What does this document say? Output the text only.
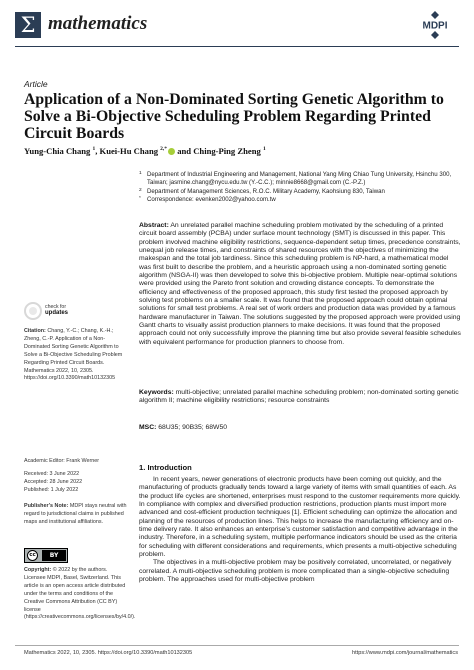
Σ mathematics	MDPI
Article
Application of a Non-Dominated Sorting Genetic Algorithm to Solve a Bi-Objective Scheduling Problem Regarding Printed Circuit Boards
Yung-Chia Chang $^1$, Kuei-Hu Chang $^{2,*}$ and Ching-Ping Zheng $^1$
1 Department of Industrial Engineering and Management, National Yang Ming Chiao Tung University, Hsinchu 300, Taiwan; jasmine.chang@nycu.edu.tw (Y.-C.C.); minnie8668@gmail.com (C.-P.Z.)
2 Department of Management Sciences, R.O.C. Military Academy, Kaohsiung 830, Taiwan
* Correspondence: evenken2002@yahoo.com.tw
Abstract: An unrelated parallel machine scheduling problem motivated by the scheduling of a printed circuit board assembly (PCBA) under surface mount technology (SMT) is discussed in this paper. This problem involved machine eligibility restrictions, sequence-dependent setup times, precedence constraints, unequal job release times, and constraints of shared resources with the objectives of minimizing the makespan and the total job tardiness. Since this scheduling problem is NP-hard, a mathematical model was first built to describe the problem, and a heuristic approach using a non-dominated sorting genetic algorithm (NSGA-II) was then developed to solve this bi-objective problem. Multiple near-optimal solutions were provided using the Pareto front solution and crowding distance concepts. To demonstrate the efficiency and effectiveness of the proposed approach, this study first tested the proposed approach by solving test problems on a smaller scale. It was found that the proposed approach could obtain optimal solutions for small test problems. A real set of work orders and production data was provided by a famous hardware manufacturer in Taiwan. The solutions suggested by the proposed approach were provided using Gantt charts to visually assist production planners to make decisions. It was found that the proposed approach could not only successfully improve the planning time but also provide several feasible schedules with equivalent performance for production planners to choose from.
Keywords: multi-objective; unrelated parallel machine scheduling problem; non-dominated sorting genetic algorithm II; machine eligibility restrictions; resource constraints
MSC: 68U35; 90B35; 68W50
1. Introduction

In recent years, newer generations of electronic products have been coming out quickly, and the manufacturing of products gradually tends toward a large variety of items with small quantities of each. As the product life cycles are shortened, enterprises must respond to the customer requirements more quickly. In compliance with complex and diversified production restrictions, production plants must import more advanced and cost-efficient production techniques [1]. Efficient scheduling can optimize the allocation and planning of the resources of production lines. This helps to increase the manufacturing efficiency and on-time delivery rate. It also enhances an enterprise’s customer satisfaction and competitive advantage in the industry. Therefore, in a scheduling system, multiple performance indicators should be used as the criteria for scheduling with different considerations and requirements, which presents a multi-objective scheduling problem.

The objectives in a multi-objective problem may be positively correlated, uncorrelated, or negatively correlated. A multi-objective scheduling problem is more complicated than a single-objective scheduling problem. The approaches used for multi-objective problem

check for
updates
Citation: Chang, Y.-C.; Chang, K.-H.; Zheng, C.-P. Application of a Non-Dominated Sorting Genetic Algorithm to Solve a Bi-Objective Scheduling Problem Regarding Printed Circuit Boards. Mathematics 2022, 10, 2305. https://doi.org/10.3390/math10132305
Academic Editor: Frank Werner
Received: 3 June 2022
Accepted: 28 June 2022
Published: 1 July 2022
Publisher’s Note: MDPI stays neutral with regard to jurisdictional claims in published maps and institutional affiliations.
cc	BY
Copyright: © 2022 by the authors. Licensee MDPI, Basel, Switzerland. This article is an open access article distributed under the terms and conditions of the Creative Commons Attribution (CC BY) license (https://creativecommons.org/licenses/by/4.0/).
Mathematics 2022, 10, 2305. https://doi.org/10.3390/math10132305	https://www.mdpi.com/journal/mathematics
